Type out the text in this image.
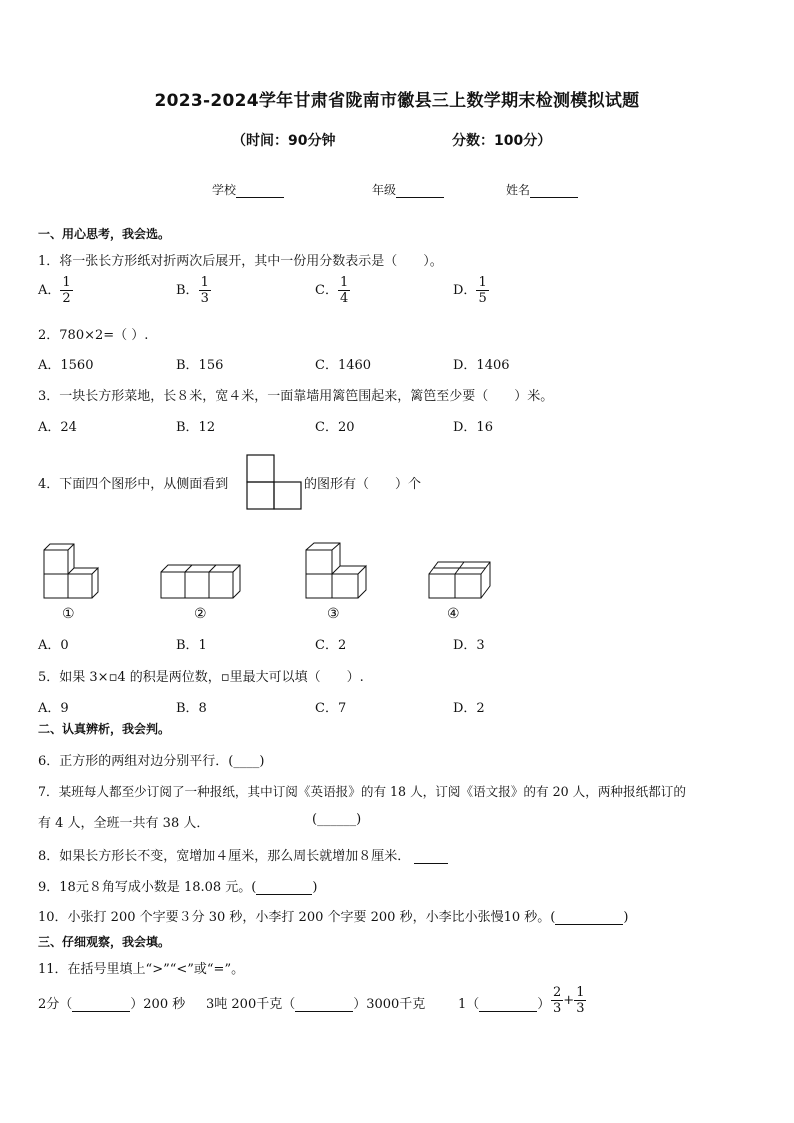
2023-2024学年甘肃省陇南市徽县三上数学期末检测模拟试题
（时间：90分钟	分数：100分）
学校	年级	姓名
一、用心思考，我会选。
1．将一张长方形纸对折两次后展开，其中一份用分数表示是（　　）。
A． $\frac{1}{2}$	B． $\frac{1}{3}$	C． $\frac{1}{4}$	D． $\frac{1}{5}$
2．780×2=（ ）.
A．1560	B．156	C．1460	D．1406
3．一块长方形菜地，长８米，宽４米，一面靠墙用篱笆围起来，篱笆至少要（　　）米。
A．24	B．12	C．20	D．16
4．下面四个图形中，从侧面看到	的图形有（　　）个
①	②	③	④
A．0	B．1	C．2	D．3
5．如果 3×▫4 的积是两位数，▫里最大可以填（　　）.
A．9	B．8	C．7	D．2
二、认真辨析，我会判。
6．正方形的两组对边分别平行．(____)
7．某班每人都至少订阅了一种报纸，其中订阅《英语报》的有 18 人，订阅《语文报》的有 20 人，两种报纸都订的
有 4 人，全班一共有 38 人．	(______)
8．如果长方形长不变，宽增加４厘米，那么周长就增加８厘米．
9．18元８角写成小数是 18.08 元。(	)
10．小张打 200 个字要３分 30 秒，小李打 200 个字要 200 秒，小李比小张慢10 秒。(	)
三、仔细观察，我会填。
11．在括号里填上“>”“<”或“=”。
2分（	）200 秒 3吨 200千克（	）3000千克	1（	） $\frac{2}{3} + \frac{1}{3}$
